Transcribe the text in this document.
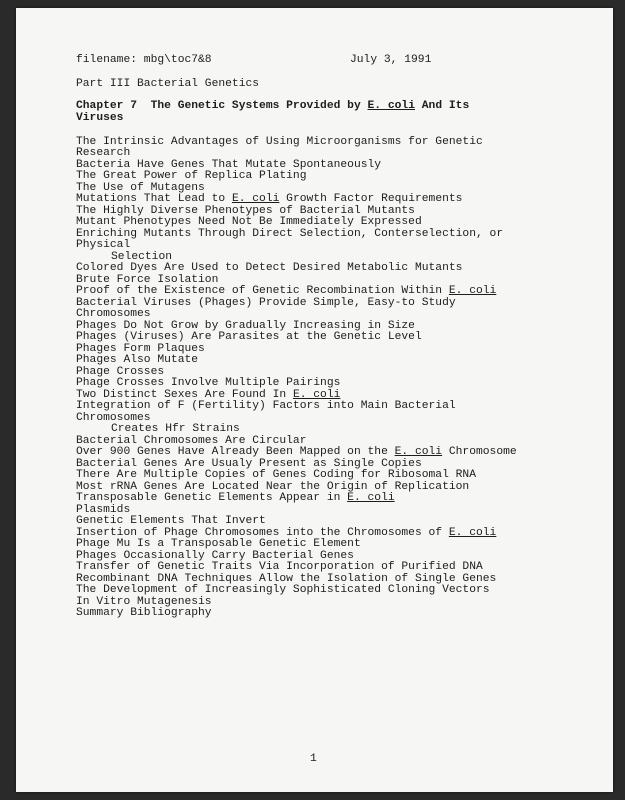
filename: mbg\toc7&8	July 3, 1991
Part III Bacterial Genetics
Chapter 7  The Genetic Systems Provided by E. coli And Its
Viruses
The Intrinsic Advantages of Using Microorganisms for Genetic
Research
Bacteria Have Genes That Mutate Spontaneously
The Great Power of Replica Plating
The Use of Mutagens
Mutations That Lead to E. coli Growth Factor Requirements
The Highly Diverse Phenotypes of Bacterial Mutants
Mutant Phenotypes Need Not Be Immediately Expressed
Enriching Mutants Through Direct Selection, Conterselection, or
Physical
Selection
Colored Dyes Are Used to Detect Desired Metabolic Mutants
Brute Force Isolation
Proof of the Existence of Genetic Recombination Within E. coli
Bacterial Viruses (Phages) Provide Simple, Easy-to Study
Chromosomes
Phages Do Not Grow by Gradually Increasing in Size
Phages (Viruses) Are Parasites at the Genetic Level
Phages Form Plaques
Phages Also Mutate
Phage Crosses
Phage Crosses Involve Multiple Pairings
Two Distinct Sexes Are Found In E. coli
Integration of F (Fertility) Factors into Main Bacterial
Chromosomes
Creates Hfr Strains
Bacterial Chromosomes Are Circular
Over 900 Genes Have Already Been Mapped on the E. coli Chromosome
Bacterial Genes Are Usualy Present as Single Copies
There Are Multiple Copies of Genes Coding for Ribosomal RNA
Most rRNA Genes Are Located Near the Origin of Replication
Transposable Genetic Elements Appear in E. coli
Plasmids
Genetic Elements That Invert
Insertion of Phage Chromosomes into the Chromosomes of E. coli
Phage Mu Is a Transposable Genetic Element
Phages Occasionally Carry Bacterial Genes
Transfer of Genetic Traits Via Incorporation of Purified DNA
Recombinant DNA Techniques Allow the Isolation of Single Genes
The Development of Increasingly Sophisticated Cloning Vectors
In Vitro Mutagenesis
Summary Bibliography
1
